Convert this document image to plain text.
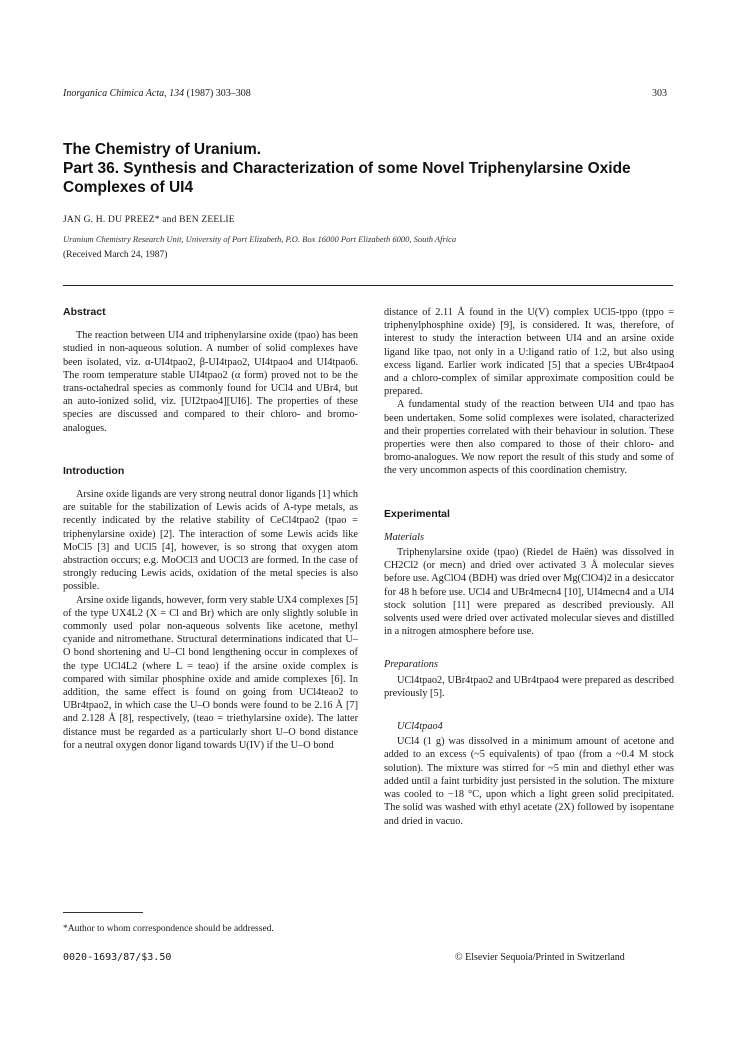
Inorganica Chimica Acta, 134 (1987) 303–308	303
The Chemistry of Uranium.
Part 36. Synthesis and Characterization of some Novel Triphenylarsine Oxide
Complexes of UI4
JAN G. H. DU PREEZ* and BEN ZEELIE
Uranium Chemistry Research Unit, University of Port Elizabeth, P.O. Box 16000 Port Elizabeth 6000, South Africa
(Received March 24, 1987)
Abstract

The reaction between UI4 and triphenylarsine oxide (tpao) has been studied in non-aqueous solution. A number of solid complexes have been isolated, viz. α-UI4tpao2, β-UI4tpao2, UI4tpao4 and UI4tpao6. The room temperature stable UI4tpao2 (α form) proved not to be the trans-octahedral species as commonly found for UCl4 and UBr4, but an auto-ionized solid, viz. [UI2tpao4][UI6]. The properties of these species are discussed and compared to their chloro- and bromo-analogues.

Introduction

Arsine oxide ligands are very strong neutral donor ligands [1] which are suitable for the stabilization of Lewis acids of A-type metals, as recently indicated by the relative stability of CeCl4tpao2 (tpao = triphenylarsine oxide) [2]. The interaction of some Lewis acids like MoCl5 [3] and UCl5 [4], however, is so strong that oxygen atom abstraction occurs; e.g. MoOCl3 and UOCl3 are formed. In the case of strongly reducing Lewis acids, oxidation of the metal species is also possible.

Arsine oxide ligands, however, form very stable UX4 complexes [5] of the type UX4L2 (X = Cl and Br) which are only slightly soluble in commonly used polar non-aqueous solvents like acetone, methyl cyanide and nitromethane. Structural determinations indicated that U–O bond shortening and U–Cl bond lengthening occur in complexes of the type UCl4L2 (where L = teao) if the arsine oxide complex is compared with similar phosphine oxide and amide complexes [6]. In addition, the same effect is found on going from UCl4teao2 to UBr4tpao2, in which case the U–O bonds were found to be 2.16 Å [7] and 2.128 Å [8], respectively, (teao = triethylarsine oxide). The latter distance must be regarded as a particularly short U–O bond distance for a neutral oxygen donor ligand towards U(IV) if the U–O bond

distance of 2.11 Å found in the U(V) complex UCl5-tppo (tppo = triphenylphosphine oxide) [9], is considered. It was, therefore, of interest to study the interaction between UI4 and an arsine oxide ligand like tpao, not only in a U:ligand ratio of 1:2, but also using excess ligand. Earlier work indicated [5] that a species UBr4tpao4 and a chloro-complex of similar approximate composition could be prepared.

A fundamental study of the reaction between UI4 and tpao has been undertaken. Some solid complexes were isolated, characterized and their properties correlated with their behaviour in solution. These properties were then also compared to those of their chloro- and bromo-analogues. We now report the result of this study and some of the very uncommon aspects of this coordination chemistry.

Experimental
Materials

Triphenylarsine oxide (tpao) (Riedel de Haën) was dissolved in CH2Cl2 (or mecn) and dried over activated 3 Å molecular sieves before use. AgClO4 (BDH) was dried over Mg(ClO4)2 in a desiccator for 48 h before use. UCl4 and UBr4mecn4 [10], UI4mecn4 and a UI4 stock solution [11] were prepared as described previously. All solvents used were dried over activated molecular sieves and distilled in a nitrogen atmosphere before use.

Preparations

UCl4tpao2, UBr4tpao2 and UBr4tpao4 were prepared as described previously [5].

UCl4tpao4

UCl4 (1 g) was dissolved in a minimum amount of acetone and added to an excess (~5 equivalents) of tpao (from a ~0.4 M stock solution). The mixture was stirred for ~5 min and diethyl ether was added until a faint turbidity just persisted in the solution. The mixture was cooled to −18 °C, upon which a light green solid precipitated. The solid was washed with ethyl acetate (2X) followed by isopentane and dried in vacuo.

*Author to whom correspondence should be addressed.
0020-1693/87/$3.50	© Elsevier Sequoia/Printed in Switzerland
